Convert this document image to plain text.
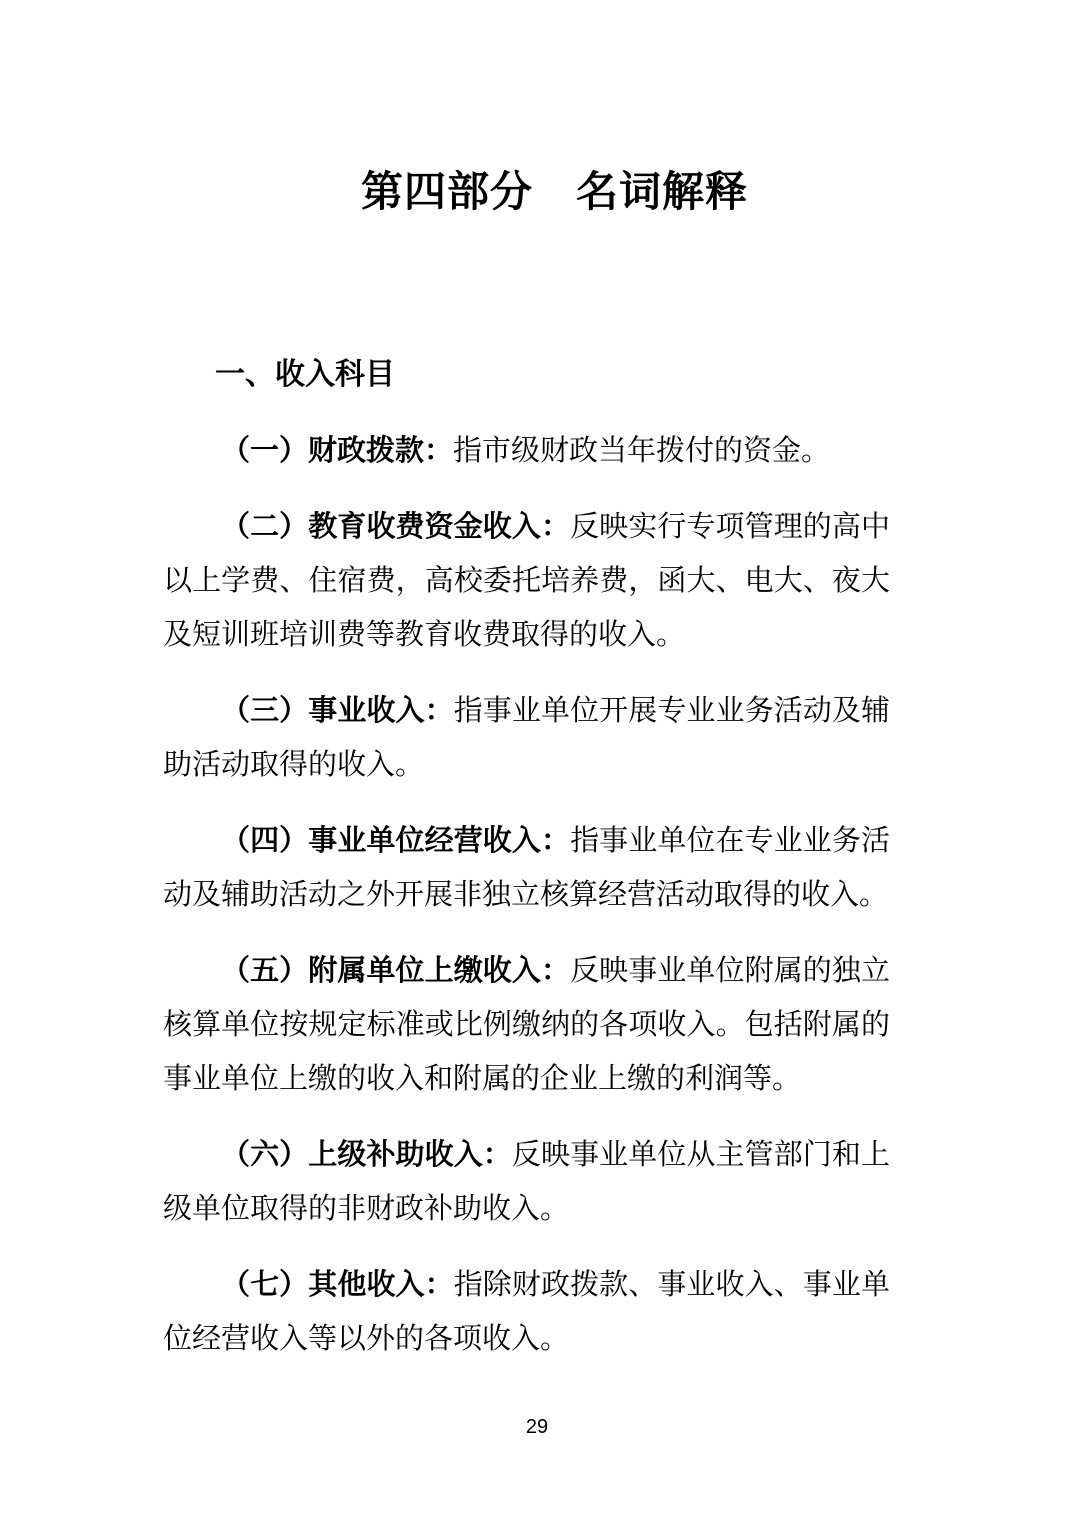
第四部分　名词解释
一、收入科目

（一）财政拨款：指市级财政当年拨付的资金。

（二）教育收费资金收入：反映实行专项管理的高中以上学费、住宿费，高校委托培养费，函大、电大、夜大及短训班培训费等教育收费取得的收入。

（三）事业收入：指事业单位开展专业业务活动及辅助活动取得的收入。

（四）事业单位经营收入：指事业单位在专业业务活动及辅助活动之外开展非独立核算经营活动取得的收入。

（五）附属单位上缴收入：反映事业单位附属的独立核算单位按规定标准或比例缴纳的各项收入。包括附属的事业单位上缴的收入和附属的企业上缴的利润等。

（六）上级补助收入：反映事业单位从主管部门和上级单位取得的非财政补助收入。

（七）其他收入：指除财政拨款、事业收入、事业单位经营收入等以外的各项收入。

29
